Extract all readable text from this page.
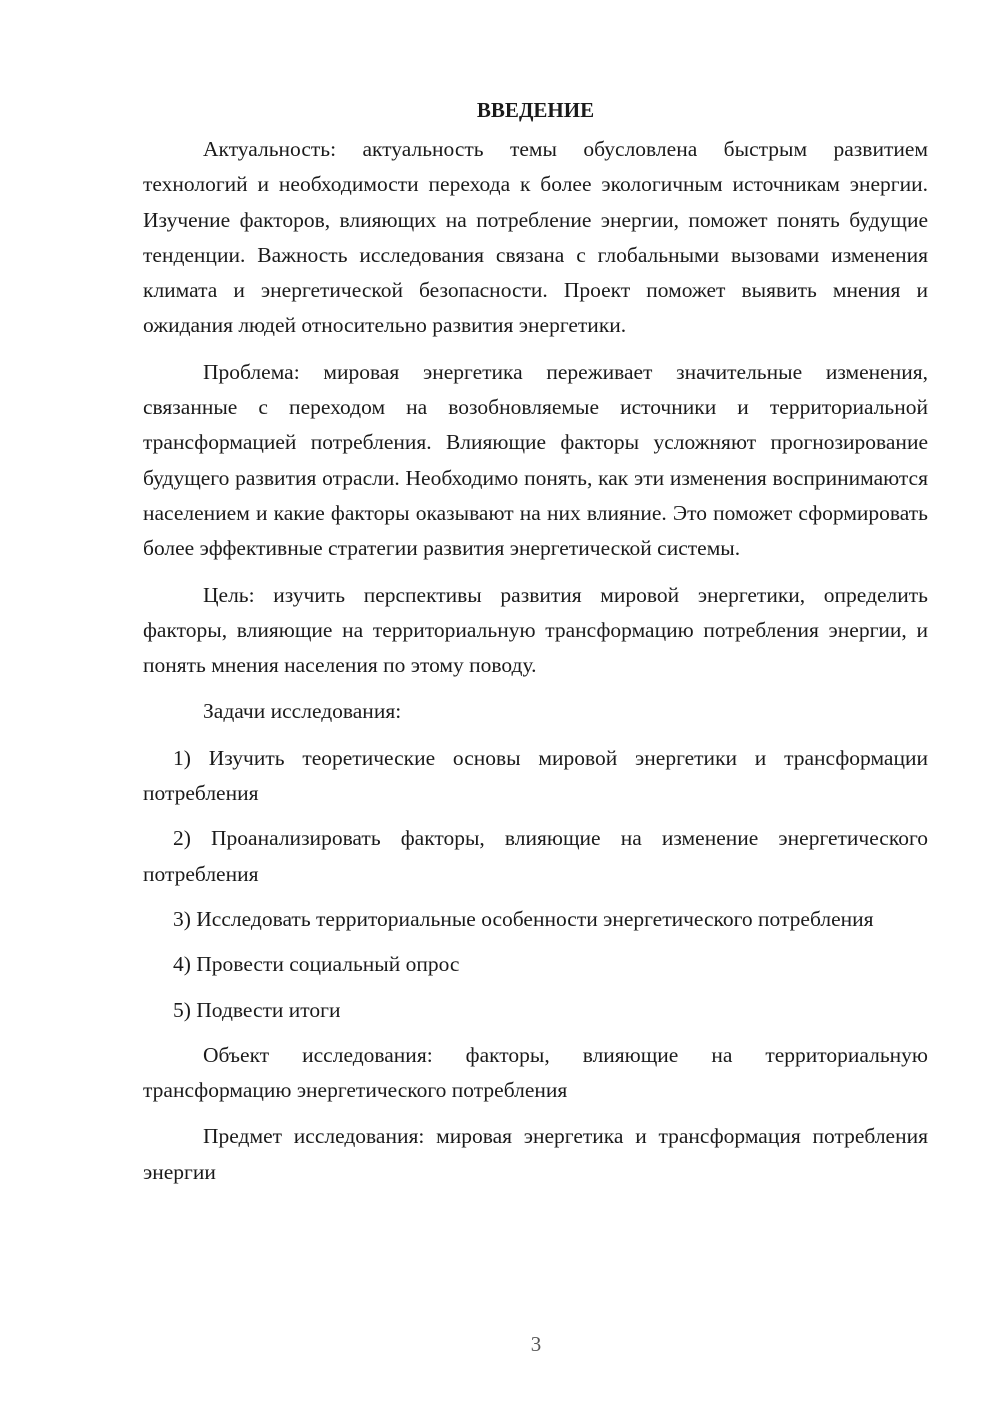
ВВЕДЕНИЕ

Актуальность: актуальность темы обусловлена быстрым развитием технологий и необходимости перехода к более экологичным источникам энергии. Изучение факторов, влияющих на потребление энергии, поможет понять будущие тенденции. Важность исследования связана с глобальными вызовами изменения климата и энергетической безопасности. Проект поможет выявить мнения и ожидания людей относительно развития энергетики.

Проблема: мировая энергетика переживает значительные изменения, связанные с переходом на возобновляемые источники и территориальной трансформацией потребления. Влияющие факторы усложняют прогнозирование будущего развития отрасли. Необходимо понять, как эти изменения воспринимаются населением и какие факторы оказывают на них влияние. Это поможет сформировать более эффективные стратегии развития энергетической системы.

Цель: изучить перспективы развития мировой энергетики, определить факторы, влияющие на территориальную трансформацию потребления энергии, и понять мнения населения по этому поводу.

Задачи исследования:

1) Изучить теоретические основы мировой энергетики и трансформации потребления

2) Проанализировать факторы, влияющие на изменение энергетического потребления

3) Исследовать территориальные особенности энергетического потребления

4) Провести социальный опрос

5) Подвести итоги

Объект исследования: факторы, влияющие на территориальную трансформацию энергетического потребления

Предмет исследования: мировая энергетика и трансформация потребления энергии

3
